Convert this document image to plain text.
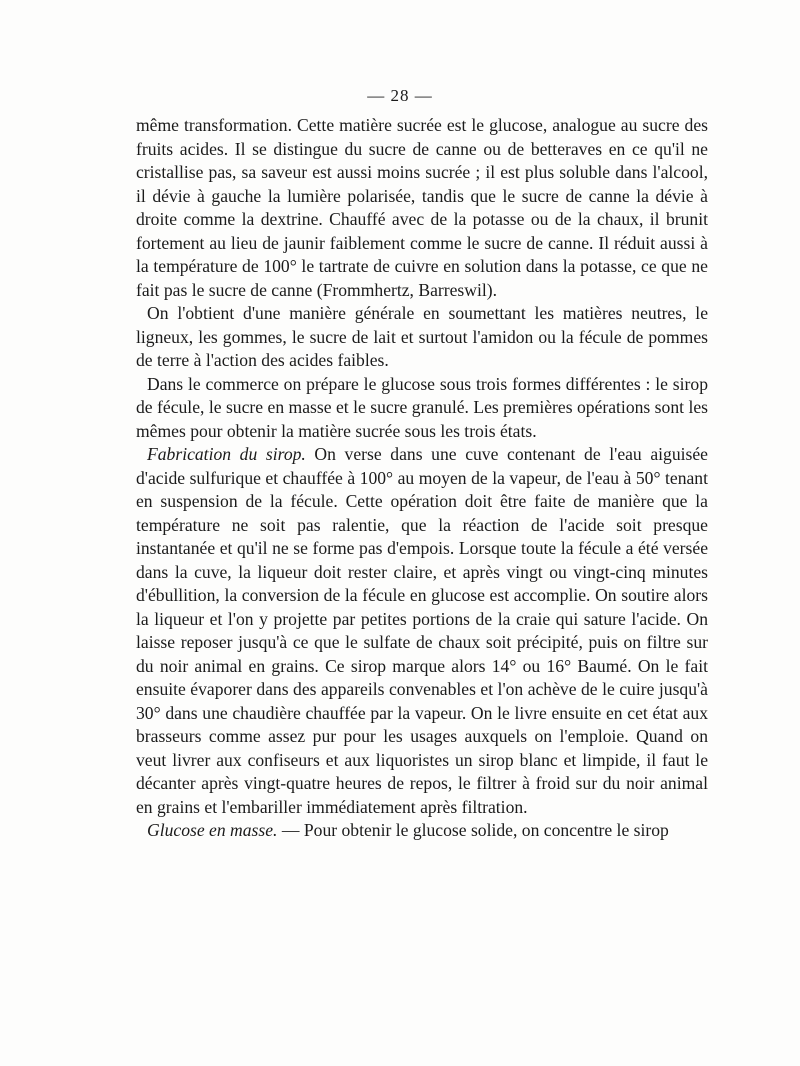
— 28 —

même transformation. Cette matière sucrée est le glucose, analogue au sucre des fruits acides. Il se distingue du sucre de canne ou de betteraves en ce qu'il ne cristallise pas, sa saveur est aussi moins sucrée ; il est plus soluble dans l'alcool, il dévie à gauche la lumière polarisée, tandis que le sucre de canne la dévie à droite comme la dextrine. Chauffé avec de la potasse ou de la chaux, il brunit fortement au lieu de jaunir faiblement comme le sucre de canne. Il réduit aussi à la température de 100° le tartrate de cuivre en solution dans la potasse, ce que ne fait pas le sucre de canne (Frommhertz, Barreswil).

On l'obtient d'une manière générale en soumettant les matières neutres, le ligneux, les gommes, le sucre de lait et surtout l'amidon ou la fécule de pommes de terre à l'action des acides faibles.

Dans le commerce on prépare le glucose sous trois formes différentes : le sirop de fécule, le sucre en masse et le sucre granulé. Les premières opérations sont les mêmes pour obtenir la matière sucrée sous les trois états.

Fabrication du sirop. On verse dans une cuve contenant de l'eau aiguisée d'acide sulfurique et chauffée à 100° au moyen de la vapeur, de l'eau à 50° tenant en suspension de la fécule. Cette opération doit être faite de manière que la température ne soit pas ralentie, que la réaction de l'acide soit presque instantanée et qu'il ne se forme pas d'empois. Lorsque toute la fécule a été versée dans la cuve, la liqueur doit rester claire, et après vingt ou vingt-cinq minutes d'ébullition, la conversion de la fécule en glucose est accomplie. On soutire alors la liqueur et l'on y projette par petites portions de la craie qui sature l'acide. On laisse reposer jusqu'à ce que le sulfate de chaux soit précipité, puis on filtre sur du noir animal en grains. Ce sirop marque alors 14° ou 16° Baumé. On le fait ensuite évaporer dans des appareils convenables et l'on achève de le cuire jusqu'à 30° dans une chaudière chauffée par la vapeur. On le livre ensuite en cet état aux brasseurs comme assez pur pour les usages auxquels on l'emploie. Quand on veut livrer aux confiseurs et aux liquoristes un sirop blanc et limpide, il faut le décanter après vingt-quatre heures de repos, le filtrer à froid sur du noir animal en grains et l'embariller immédiatement après filtration.

Glucose en masse. — Pour obtenir le glucose solide, on concentre le sirop
